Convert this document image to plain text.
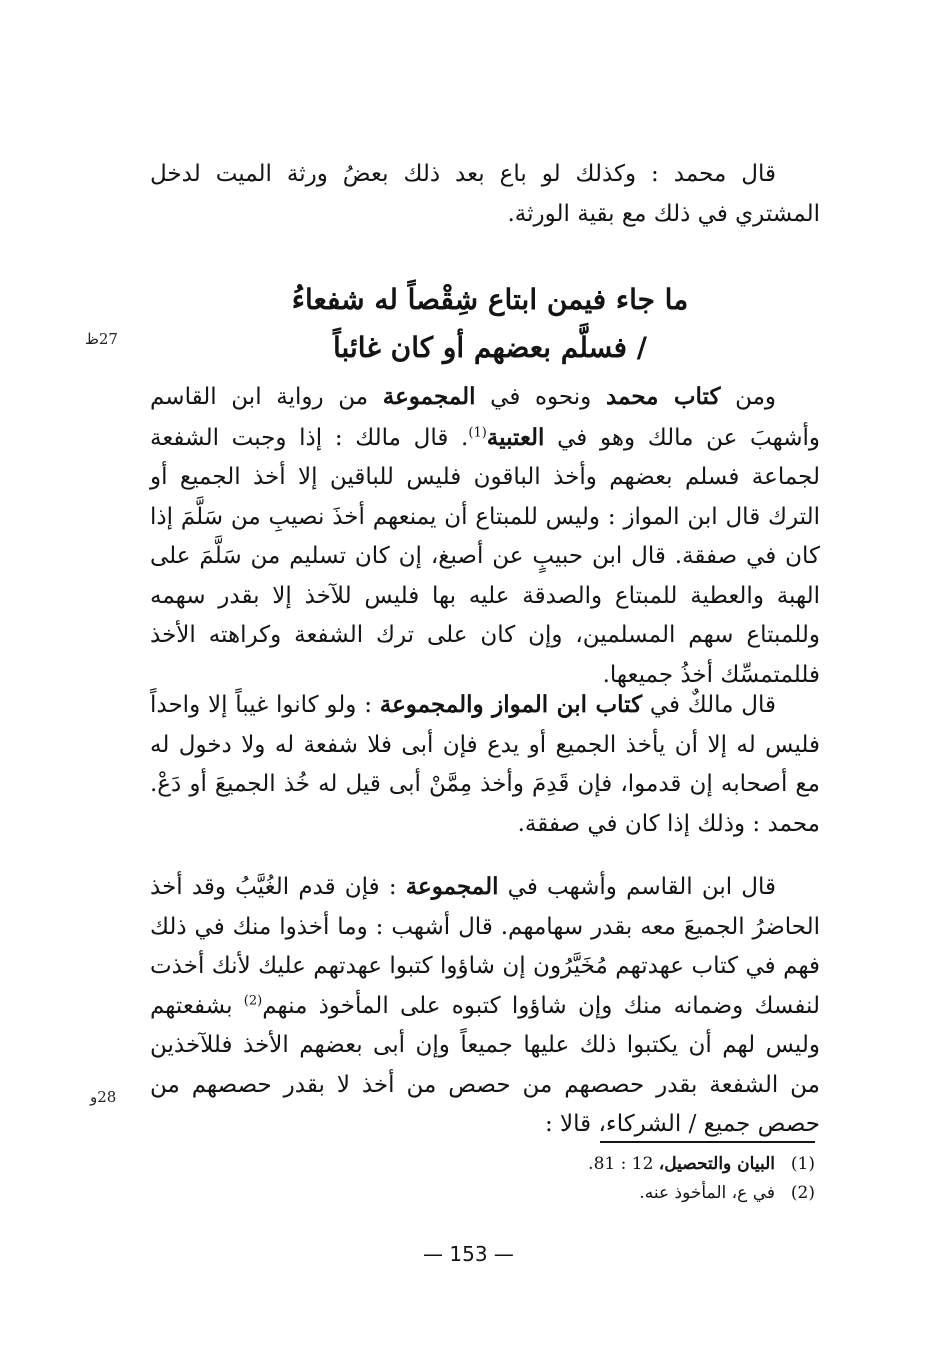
قال محمد : وكذلك لو باع بعد ذلك بعضُ ورثة الميت لدخل المشتري في ذلك مع بقية الورثة.
ما جاء فيمن ابتاع شِقْصاً له شفعاءُ
/ فسلَّم بعضهم أو كان غائباً
27ظ

ومن كتاب محمد ونحوه في المجموعة من رواية ابن القاسم وأشهبَ عن مالك وهو في العتبية$^{(1)}$. قال مالك : إذا وجبت الشفعة لجماعة فسلم بعضهم وأخذ الباقون فليس للباقين إلا أخذ الجميع أو الترك قال ابن المواز : وليس للمبتاع أن يمنعهم أخذَ نصيبِ من سَلَّمَ إذا كان في صفقة. قال ابن حبيبٍ عن أصبغ، إن كان تسليم من سَلَّمَ على الهبة والعطية للمبتاع والصدقة عليه بها فليس للآخذ إلا بقدر سهمه وللمبتاع سهم المسلمين، وإن كان على ترك الشفعة وكراهته الأخذ فللمتمسِّك أخذُ جميعها.

قال مالكٌ في كتاب ابن المواز والمجموعة : ولو كانوا غيباً إلا واحداً فليس له إلا أن يأخذ الجميع أو يدع فإن أبى فلا شفعة له ولا دخول له مع أصحابه إن قدموا، فإن قَدِمَ وأخذ مِمَّنْ أبى قيل له خُذ الجميعَ أو دَعْ. محمد : وذلك إذا كان في صفقة.

قال ابن القاسم وأشهب في المجموعة : فإن قدم الغُيَّبُ وقد أخذ الحاضرُ الجميعَ معه بقدر سهامهم. قال أشهب : وما أخذوا منك في ذلك فهم في كتاب عهدتهم مُخَيَّرُون إن شاؤوا كتبوا عهدتهم عليك لأنك أخذت لنفسك وضمانه منك وإن شاؤوا كتبوه على المأخوذ منهم$^{(2)}$ بشفعتهم وليس لهم أن يكتبوا ذلك عليها جميعاً وإن أبى بعضهم الأخذ فللآخذين من الشفعة بقدر حصصهم من حصص من أخذ لا بقدر حصصهم من حصص جميع / الشركاء، قالا :

28و
(1)البيان والتحصيل، 12 : 81.
(2)في ع، المأخوذ عنه.
— 153 —
